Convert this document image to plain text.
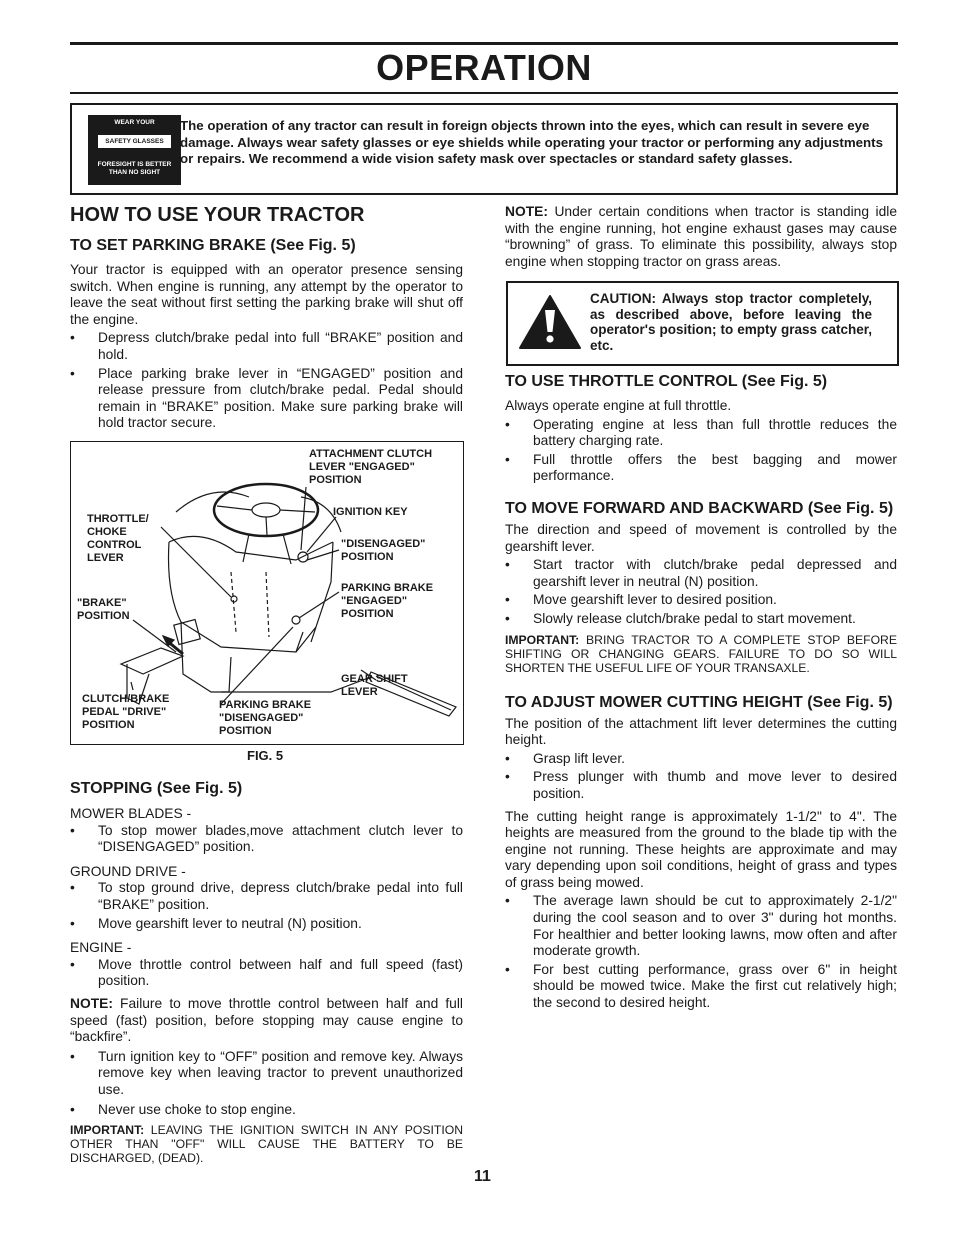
OPERATION
WEAR YOUR
SAFETY GLASSES
FORESIGHT IS BETTER THAN NO SIGHT
The operation of any tractor can result in foreign objects thrown into the eyes, which can result in severe eye damage. Always wear safety glasses or eye shields while operating your tractor or performing any adjustments or repairs. We recommend a wide vision safety mask over spectacles or standard safety glasses.

HOW TO USE YOUR TRACTOR

TO SET PARKING BRAKE (See Fig. 5)

Your tractor is equipped with an operator presence sensing switch. When engine is running, any attempt by the operator to leave the seat without first setting the parking brake will shut off the engine.

• Depress clutch/brake pedal into full “BRAKE” position and hold.

• Place parking brake lever in “ENGAGED” position and release pressure from clutch/brake pedal. Pedal should remain in “BRAKE” position. Make sure parking brake will hold tractor secure.

ATTACHMENT CLUTCH LEVER "ENGAGED" POSITION
IGNITION KEY
THROTTLE/ CHOKE CONTROL LEVER
"DISENGAGED" POSITION
"BRAKE" POSITION
PARKING BRAKE "ENGAGED" POSITION
GEAR SHIFT LEVER
CLUTCH/BRAKE PEDAL "DRIVE" POSITION
PARKING BRAKE "DISENGAGED" POSITION
FIG. 5

STOPPING (See Fig. 5)

MOWER BLADES -

• To stop mower blades,move attachment clutch lever to “DISENGAGED” position.

GROUND DRIVE -

• To stop ground drive, depress clutch/brake pedal into full “BRAKE” position.

• Move gearshift lever to neutral (N) position.

ENGINE -

• Move throttle control between half and full speed (fast) position.

NOTE: Failure to move throttle control between half and full speed (fast) position, before stopping may cause engine to “backfire”.

• Turn ignition key to “OFF” position and remove key. Always remove key when leaving tractor to prevent unauthorized use.

• Never use choke to stop engine.

IMPORTANT: LEAVING THE IGNITION SWITCH IN ANY POSITION OTHER THAN "OFF" WILL CAUSE THE BATTERY TO BE DISCHARGED, (DEAD).

NOTE: Under certain conditions when tractor is standing idle with the engine running, hot engine exhaust gases may cause “browning” of grass. To eliminate this possibility, always stop engine when stopping tractor on grass areas.

CAUTION: Always stop tractor completely, as described above, before leaving the operator's position; to empty grass catcher, etc.

TO USE THROTTLE CONTROL (See Fig. 5)

Always operate engine at full throttle.

• Operating engine at less than full throttle reduces the battery charging rate.

• Full throttle offers the best bagging and mower performance.

TO MOVE FORWARD AND BACKWARD (See Fig. 5)

The direction and speed of movement is controlled by the gearshift lever.

• Start tractor with clutch/brake pedal depressed and gearshift lever in neutral (N) position.

• Move gearshift lever to desired position.

• Slowly release clutch/brake pedal to start movement.

IMPORTANT: BRING TRACTOR TO A COMPLETE STOP BEFORE SHIFTING OR CHANGING GEARS. FAILURE TO DO SO WILL SHORTEN THE USEFUL LIFE OF YOUR TRANSAXLE.

TO ADJUST MOWER CUTTING HEIGHT (See Fig. 5)

The position of the attachment lift lever determines the cutting height.

• Grasp lift lever.

• Press plunger with thumb and move lever to desired position.

The cutting height range is approximately 1-1/2" to 4". The heights are measured from the ground to the blade tip with the engine not running. These heights are approximate and may vary depending upon soil conditions, height of grass and types of grass being mowed.

• The average lawn should be cut to approximately 2-1/2" during the cool season and to over 3" during hot months. For healthier and better looking lawns, mow often and after moderate growth.

• For best cutting performance, grass over 6" in height should be mowed twice. Make the first cut relatively high; the second to desired height.

11
